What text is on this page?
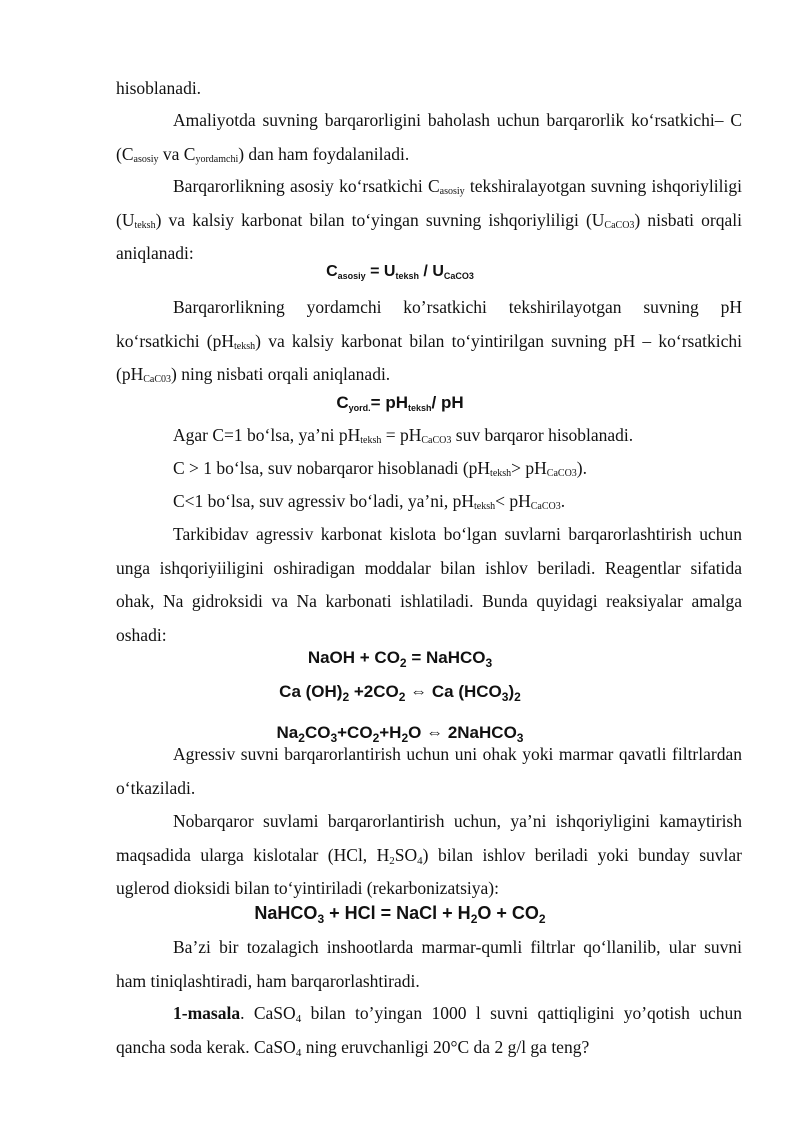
hisoblanadi.
Amaliyotda suvning barqarorligini baholash uchun barqarorlik ko‘rsatkichi– C ($C_{asosiy}$ va $C_{yordamchi}$) dan ham foydalaniladi.
Barqarorlikning asosiy ko‘rsatkichi $C_{asosiy}$ tekshiralayotgan suvning ishqoriyliligi $(U_{teksh})$ va kalsiy karbonat bilan to‘yingan suvning ishqoriyliligi $(U_{CaCO3})$ nisbati orqali aniqlanadi:
Casosiy = Uteksh / UCaCO3
Barqarorlikning yordamchi ko’rsatkichi tekshirilayotgan suvning pH ko‘rsatkichi $(pH_{teksh})$ va kalsiy karbonat bilan to‘yintirilgan suvning pH – ko‘rsatkichi $(pH_{CaC03})$ ning nisbati orqali aniqlanadi.
Cyord.= pHteksh/ pH
Agar C=1 bo‘lsa, ya’ni $pH_{teksh} = pH_{CaCO3}$ suv barqaror hisoblanadi.
C > 1 bo‘lsa, suv nobarqaror hisoblanadi $(pH_{teksh}> pH_{CaCO3})$.
C<1 bo‘lsa, suv agressiv bo‘ladi, ya’ni, $pH_{teksh}< pH_{CaCO3}$.
Tarkibidav agressiv karbonat kislota bo‘lgan suvlarni barqarorlashtirish uchun unga ishqoriyiiligini oshiradigan moddalar bilan ishlov beriladi. Reagentlar sifatida ohak, Na gidroksidi va Na karbonati ishlatiladi. Bunda quyidagi reaksiyalar amalga oshadi:
NaOH + $CO_2$ = NaHCO$_3$
Ca $(OH)_2 +2CO_2$ ⇔ Ca $(HCO_3)_2$
$Na_2CO_3+CO_2+H_2O$ ⇔ 2NaHCO$_3$
Agressiv suvni barqarorlantirish uchun uni ohak yoki marmar qavatli filtrlardan o‘tkaziladi.
Nobarqaror suvlami barqarorlantirish uchun, ya’ni ishqoriyligini kamaytirish maqsadida ularga kislotalar (HCl, H2SO4) bilan ishlov beriladi yoki bunday suvlar uglerod dioksidi bilan to‘yintiriladi (rekarbonizatsiya):
NaHCO$_3$ + HCl = NaCl + $H_2O + CO_2$
Ba’zi bir tozalagich inshootlarda marmar-qumli filtrlar qo‘llanilib, ular suvni ham tiniqlashtiradi, ham barqarorlashtiradi.
1-masala. CaSO4 bilan to’yingan 1000 l suvni qattiqligini yo’qotish uchun qancha soda kerak. CaSO4 ning eruvchanligi 20°C da 2 g/l ga teng?
